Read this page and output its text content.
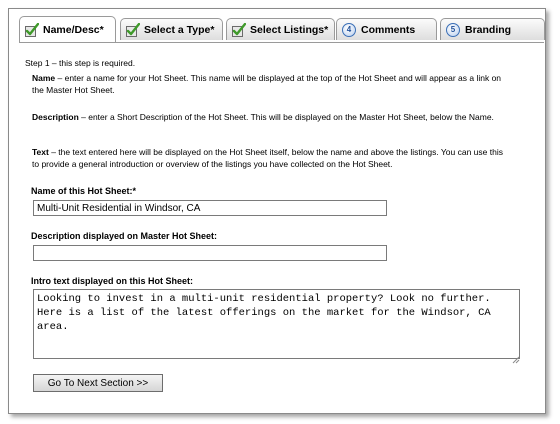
Name/Desc*	Select a Type*	Select Listings*	4 Comments	5 Branding
Step 1 – this step is required.
Name – enter a name for your Hot Sheet. This name will be displayed at the top of the Hot Sheet and will appear as a link on the Master Hot Sheet.
Description – enter a Short Description of the Hot Sheet. This will be displayed on the Master Hot Sheet, below the Name.
Text – the text entered here will be displayed on the Hot Sheet itself, below the name and above the listings. You can use this to provide a general introduction or overview of the listings you have collected on the Hot Sheet.
Name of this Hot Sheet:*
Multi-Unit Residential in Windsor, CA
Description displayed on Master Hot Sheet:
Intro text displayed on this Hot Sheet:
Looking to invest in a multi-unit residential property? Look no further. Here is a list of the latest offerings on the market for the Windsor, CA area.
Go To Next Section >>
